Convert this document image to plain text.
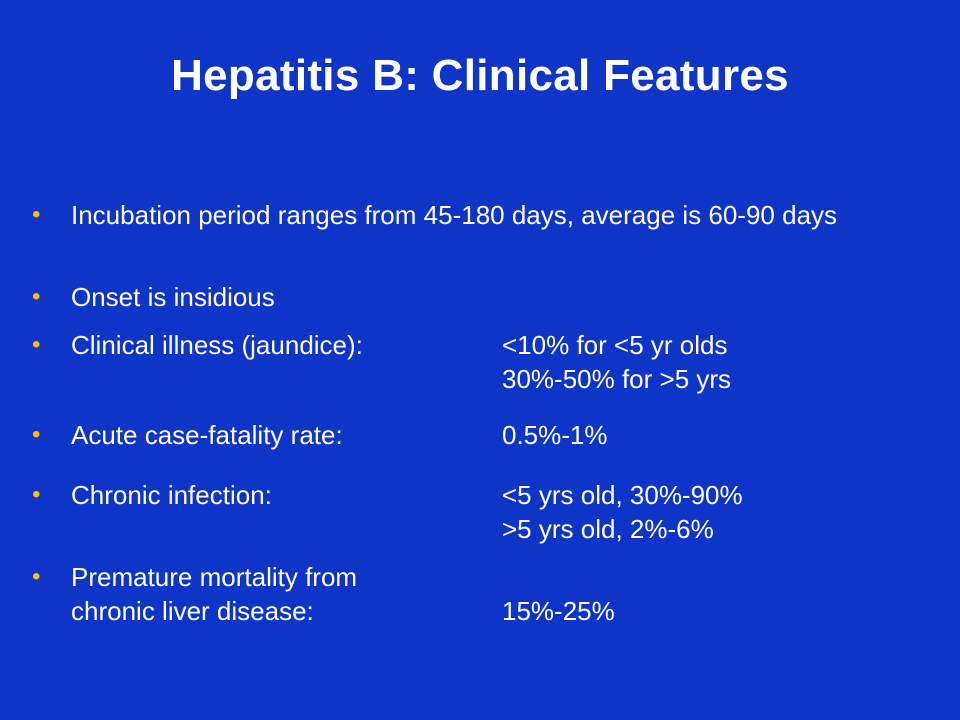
Hepatitis B: Clinical Features
• Incubation period ranges from 45-180 days, average is 60-90 days
• Onset is insidious
• Clinical illness (jaundice):	<10% for <5 yr olds
30%-50% for >5 yrs
• Acute case-fatality rate:	0.5%-1%
• Chronic infection:	<5 yrs old, 30%-90%
>5 yrs old, 2%-6%
• Premature mortality from
chronic liver disease:	15%-25%
